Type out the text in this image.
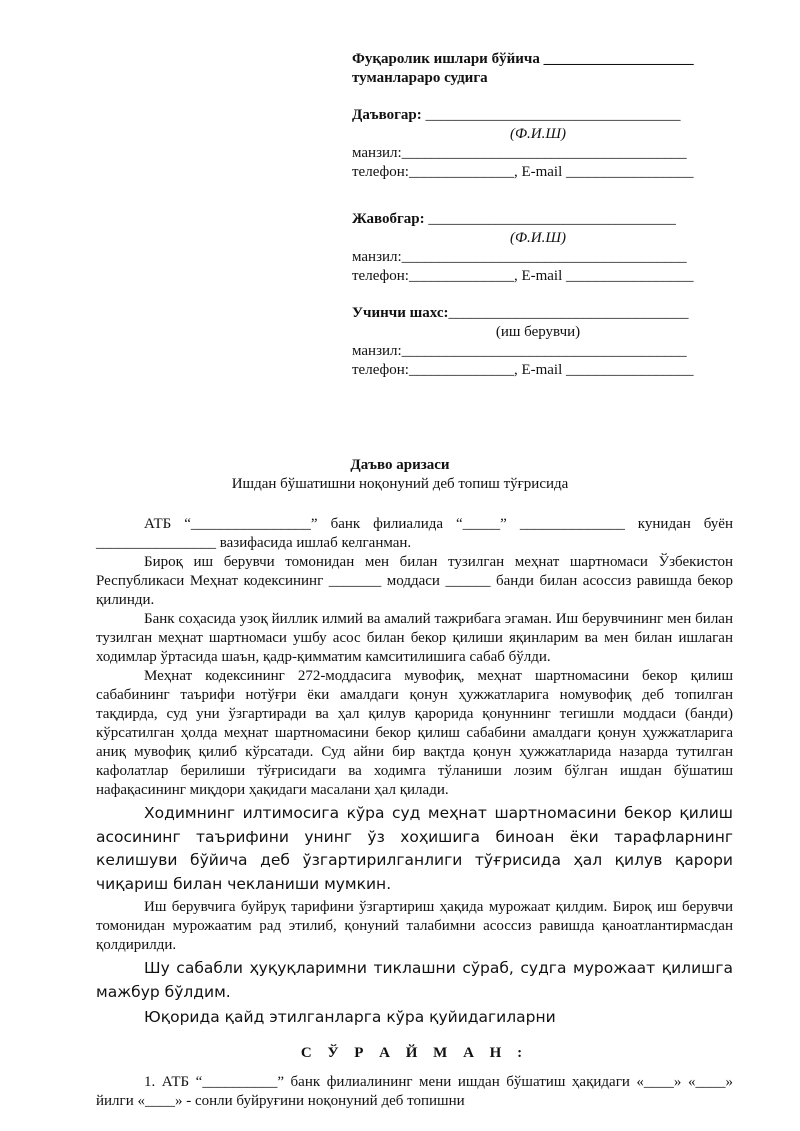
Фуқаролик ишлари бўйича ____________________
туманлараро судига
Даъвогар: __________________________________
(Ф.И.Ш)
манзил:______________________________________
телефон:______________, E-mail _________________
Жавобгар: _________________________________
(Ф.И.Ш)
манзил:______________________________________
телефон:______________, E-mail _________________
Учинчи шахс:________________________________
(иш берувчи)
манзил:______________________________________
телефон:______________, E-mail _________________
Даъво аризаси
Ишдан бўшатишни ноқонуний деб топиш тўғрисида

АТБ “________________” банк филиалида “_____” ______________ кунидан буён ________________ вазифасида ишлаб келганман.

Бироқ иш берувчи томонидан мен билан тузилган меҳнат шартномаси Ўзбекистон Республикаси Меҳнат кодексининг _______ моддаси ______ банди билан асоссиз равишда бекор қилинди.

Банк соҳасида узоқ йиллик илмий ва амалий тажрибага эгаман. Иш берувчининг мен билан тузилган меҳнат шартномаси ушбу асос билан бекор қилиши яқинларим ва мен билан ишлаган ходимлар ўртасида шаън, қадр-қимматим камситилишига сабаб бўлди.

Меҳнат кодексининг 272-моддасига мувофиқ, меҳнат шартномасини бекор қилиш сабабининг таърифи нотўғри ёки амалдаги қонун ҳужжатларига номувофиқ деб топилган тақдирда, суд уни ўзгартиради ва ҳал қилув қарорида қонуннинг тегишли моддаси (банди) кўрсатилган ҳолда меҳнат шартномасини бекор қилиш сабабини амалдаги қонун ҳужжатларига аниқ мувофиқ қилиб кўрсатади. Суд айни бир вақтда қонун ҳужжатларида назарда тутилган кафолатлар берилиши тўғрисидаги ва ходимга тўланиши лозим бўлган ишдан бўшатиш нафақасининг миқдори ҳақидаги масалани ҳал қилади.

Ходимнинг илтимосига кўра суд меҳнат шартномасини бекор қилиш асосининг таърифини унинг ўз хоҳишига биноан ёки тарафларнинг келишуви бўйича деб ўзгартирилганлиги тўғрисида ҳал қилув қарори чиқариш билан чекланиши мумкин.

Иш берувчига буйруқ тарифини ўзгартириш ҳақида мурожаат қилдим. Бироқ иш берувчи томонидан мурожаатим рад этилиб, қонуний талабимни асоссиз равишда қаноатлантирмасдан қолдирилди.

Шу сабабли ҳуқуқларимни тиклашни сўраб, судга мурожаат қилишга мажбур бўлдим.

Юқорида қайд этилганларга кўра қуйидагиларни

С Ў Р А Й М А Н :

1. АТБ “__________” банк филиалининг мени ишдан бўшатиш ҳақидаги «____» «____» йилги «____» - сонли буйруғини ноқонуний деб топишни
